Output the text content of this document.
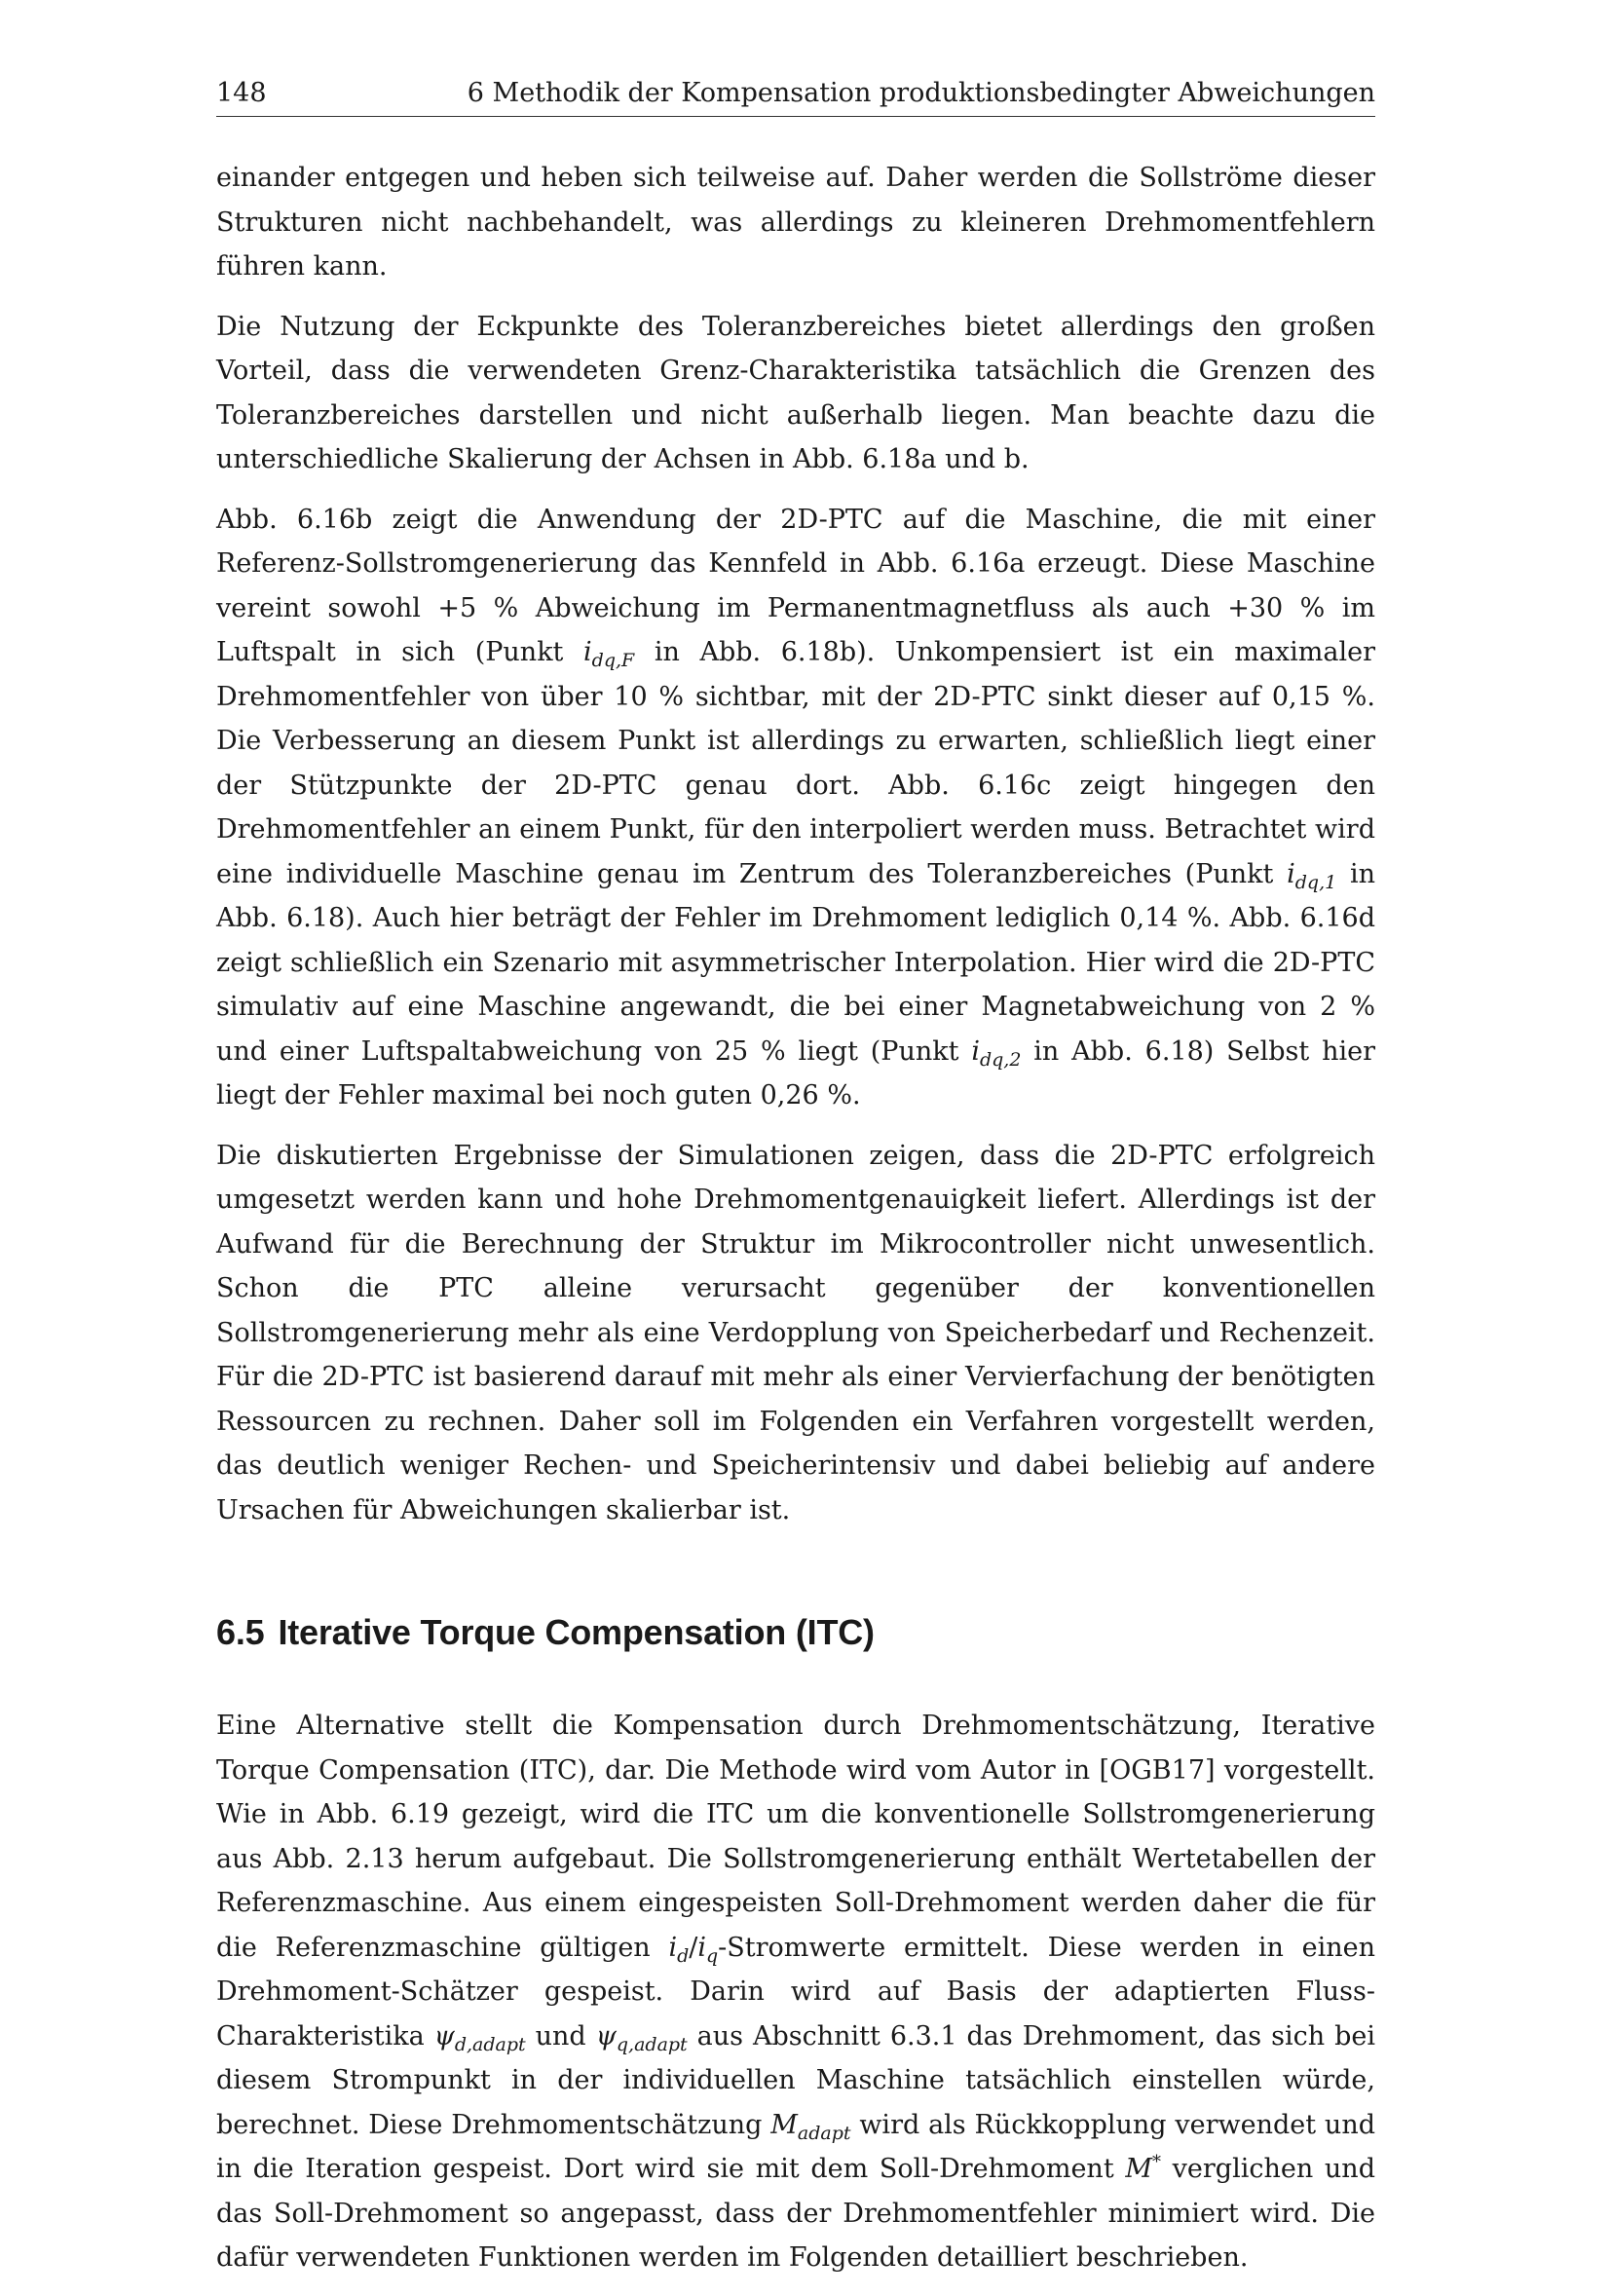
148	6 Methodik der Kompensation produktionsbedingter Abweichungen

einander entgegen und heben sich teilweise auf. Daher werden die Sollströme dieser Strukturen nicht nachbehandelt, was allerdings zu kleineren Drehmomentfehlern führen kann.

Die Nutzung der Eckpunkte des Toleranzbereiches bietet allerdings den großen Vorteil, dass die verwendeten Grenz-Charakteristika tatsächlich die Grenzen des Toleranzbereiches darstellen und nicht außerhalb liegen. Man beachte dazu die unterschiedliche Skalierung der Achsen in Abb. 6.18a und b.

Abb. 6.16b zeigt die Anwendung der 2D-PTC auf die Maschine, die mit einer Referenz-Sollstromgenerierung das Kennfeld in Abb. 6.16a erzeugt. Diese Maschine vereint sowohl +5 % Abweichung im Permanentmagnetfluss als auch +30 % im Luftspalt in sich (Punkt $i_{dq,F}$ in Abb. 6.18b). Unkompensiert ist ein maximaler Drehmomentfehler von über 10 % sichtbar, mit der 2D-PTC sinkt dieser auf 0,15 %. Die Verbesserung an diesem Punkt ist allerdings zu erwarten, schließlich liegt einer der Stützpunkte der 2D-PTC genau dort. Abb. 6.16c zeigt hingegen den Drehmomentfehler an einem Punkt, für den interpoliert werden muss. Betrachtet wird eine individuelle Maschine genau im Zentrum des Toleranzbereiches (Punkt $i_{dq,1}$ in Abb. 6.18). Auch hier beträgt der Fehler im Drehmoment lediglich 0,14 %. Abb. 6.16d zeigt schließlich ein Szenario mit asymmetrischer Interpolation. Hier wird die 2D-PTC simulativ auf eine Maschine angewandt, die bei einer Magnetabweichung von 2 % und einer Luftspaltabweichung von 25 % liegt (Punkt $i_{dq,2}$ in Abb. 6.18) Selbst hier liegt der Fehler maximal bei noch guten 0,26 %.

Die diskutierten Ergebnisse der Simulationen zeigen, dass die 2D-PTC erfolgreich umgesetzt werden kann und hohe Drehmomentgenauigkeit liefert. Allerdings ist der Aufwand für die Berechnung der Struktur im Mikrocontroller nicht unwesentlich. Schon die PTC alleine verursacht gegenüber der konventionellen Sollstromgenerierung mehr als eine Verdopplung von Speicherbedarf und Rechenzeit. Für die 2D-PTC ist basierend darauf mit mehr als einer Vervierfachung der benötigten Ressourcen zu rechnen. Daher soll im Folgenden ein Verfahren vorgestellt werden, das deutlich weniger Rechen- und Speicherintensiv und dabei beliebig auf andere Ursachen für Abweichungen skalierbar ist.

6.5 Iterative Torque Compensation (ITC)

Eine Alternative stellt die Kompensation durch Drehmomentschätzung, Iterative Torque Compensation (ITC), dar. Die Methode wird vom Autor in [OGB17] vorgestellt. Wie in Abb. 6.19 gezeigt, wird die ITC um die konventionelle Sollstromgenerierung aus Abb. 2.13 herum aufgebaut. Die Sollstromgenerierung enthält Wertetabellen der Referenzmaschine. Aus einem eingespeisten Soll-Drehmoment werden daher die für die Referenzmaschine gültigen $i_d/i_q$-Stromwerte ermittelt. Diese werden in einen Drehmoment-Schätzer gespeist. Darin wird auf Basis der adaptierten Fluss-Charakteristika $\psi_{d,adapt}$ und $\psi_{q,adapt}$ aus Abschnitt 6.3.1 das Drehmoment, das sich bei diesem Strompunkt in der individuellen Maschine tatsächlich einstellen würde, berechnet. Diese Drehmomentschätzung $M_{adapt}$ wird als Rückkopplung verwendet und in die Iteration gespeist. Dort wird sie mit dem Soll-Drehmoment M* verglichen und das Soll-Drehmoment so angepasst, dass der Drehmomentfehler minimiert wird. Die dafür verwendeten Funktionen werden im Folgenden detailliert beschrieben.
